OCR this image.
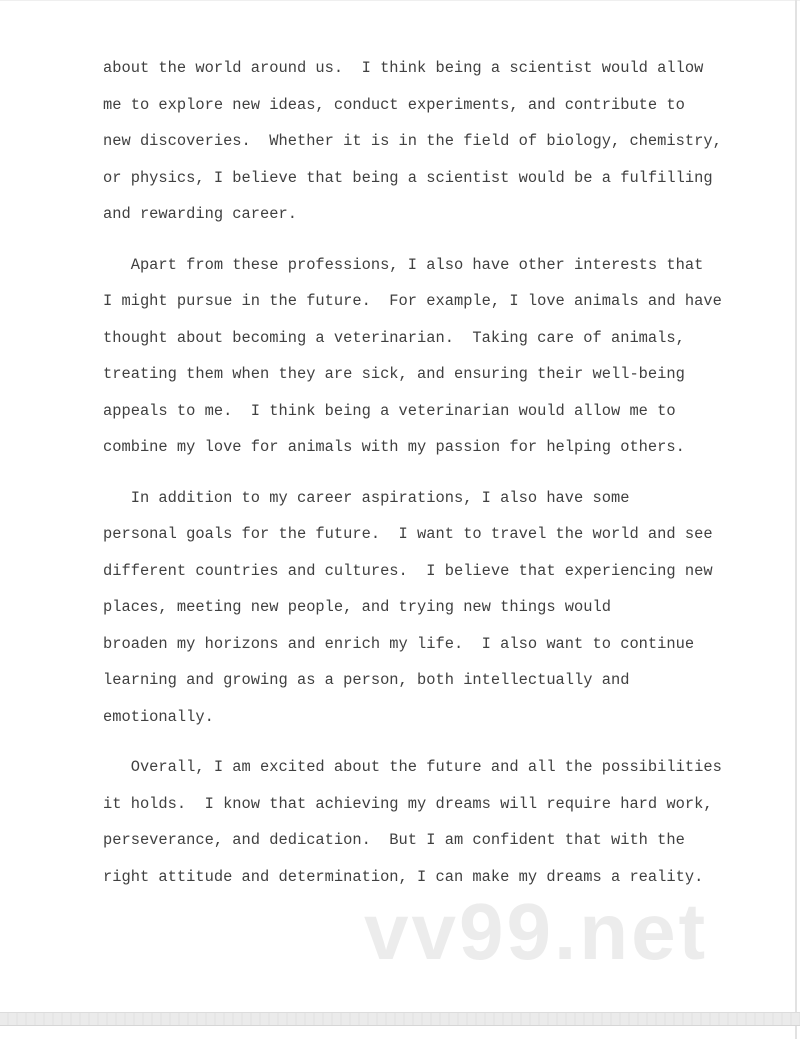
about the world around us.  I think being a scientist would allow
me to explore new ideas, conduct experiments, and contribute to
new discoveries.  Whether it is in the field of biology, chemistry,
or physics, I believe that being a scientist would be a fulfilling
and rewarding career.
Apart from these professions, I also have other interests that
I might pursue in the future.  For example, I love animals and have
thought about becoming a veterinarian.  Taking care of animals,
treating them when they are sick, and ensuring their well-being
appeals to me.  I think being a veterinarian would allow me to
combine my love for animals with my passion for helping others.
In addition to my career aspirations, I also have some
personal goals for the future.  I want to travel the world and see
different countries and cultures.  I believe that experiencing new
places, meeting new people, and trying new things would
broaden my horizons and enrich my life.  I also want to continue
learning and growing as a person, both intellectually and
emotionally.
Overall, I am excited about the future and all the possibilities
it holds.  I know that achieving my dreams will require hard work,
perseverance, and dedication.  But I am confident that with the
right attitude and determination, I can make my dreams a reality.
vv99.net
